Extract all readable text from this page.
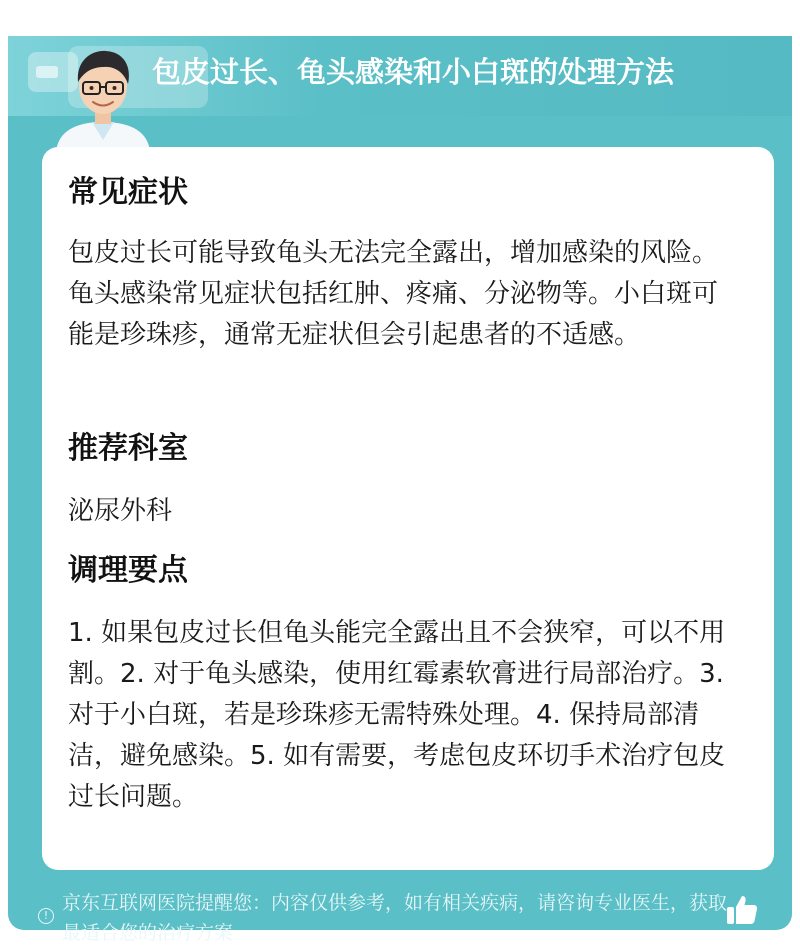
包皮过长、龟头感染和小白斑的处理方法
常见症状

包皮过长可能导致龟头无法完全露出，增加感染的风险。龟头感染常见症状包括红肿、疼痛、分泌物等。小白斑可能是珍珠疹，通常无症状但会引起患者的不适感。

推荐科室

泌尿外科

调理要点

1. 如果包皮过长但龟头能完全露出且不会狭窄，可以不用割。2. 对于龟头感染，使用红霉素软膏进行局部治疗。3. 对于小白斑，若是珍珠疹无需特殊处理。4. 保持局部清洁，避免感染。5. 如有需要，考虑包皮环切手术治疗包皮过长问题。

!

京东互联网医院提醒您：内容仅供参考，如有相关疾病，请咨询专业医生，获取最适合您的治疗方案
